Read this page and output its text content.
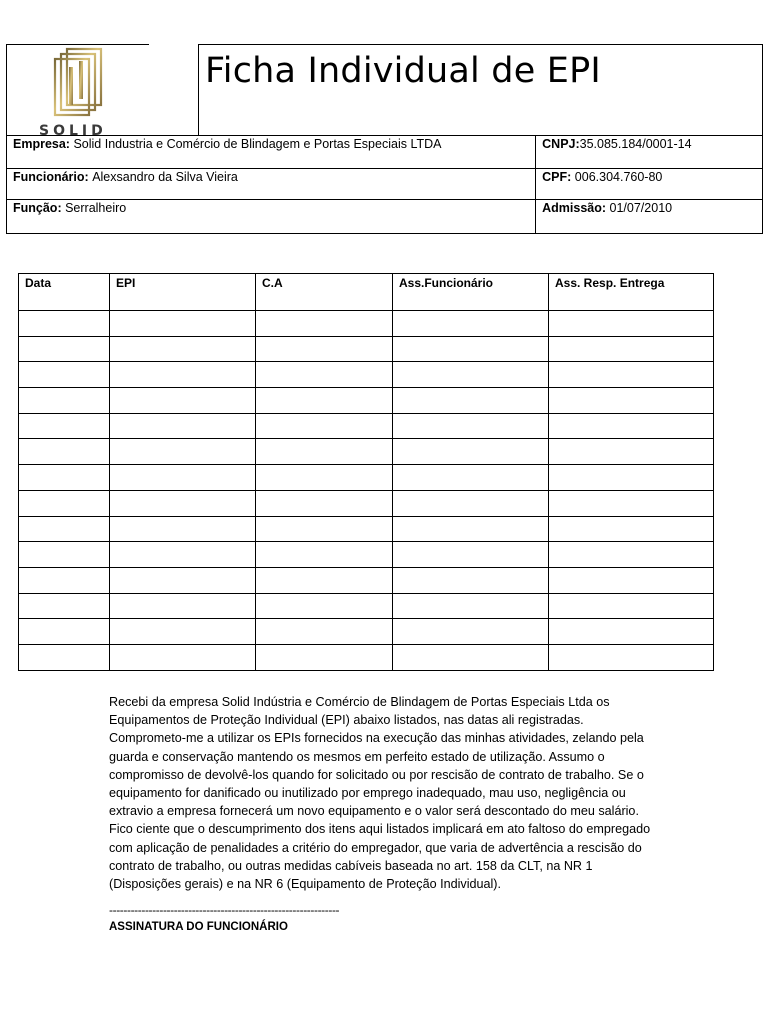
SOLID
Ficha Individual de EPI
Empresa: Solid Industria e Comércio de Blindagem e Portas Especiais LTDA	CNPJ:35.085.184/0001-14
Funcionário: Alexsandro da Silva Vieira	CPF: 006.304.760-80
Função: Serralheiro	Admissão: 01/07/2010
Data	EPI	C.A	Ass.Funcionário	Ass. Resp. Entrega

Recebi da empresa Solid Indústria e Comércio de Blindagem de Portas Especiais Ltda os
Equipamentos de Proteção Individual (EPI) abaixo listados, nas datas ali registradas.
Comprometo-me a utilizar os EPIs fornecidos na execução das minhas atividades, zelando pela
guarda e conservação mantendo os mesmos em perfeito estado de utilização. Assumo o
compromisso de devolvê-los quando for solicitado ou por rescisão de contrato de trabalho. Se o
equipamento for danificado ou inutilizado por emprego inadequado, mau uso, negligência ou
extravio a empresa fornecerá um novo equipamento e o valor será descontado do meu salário.
Fico ciente que o descumprimento dos itens aqui listados implicará em ato faltoso do empregado
com aplicação de penalidades a critério do empregador, que varia de advertência a rescisão do
contrato de trabalho, ou outras medidas cabíveis baseada no art. 158 da CLT, na NR 1
(Disposições gerais) e na NR 6 (Equipamento de Proteção Individual).
----------------------------------------------------------------
ASSINATURA DO FUNCIONÁRIO
